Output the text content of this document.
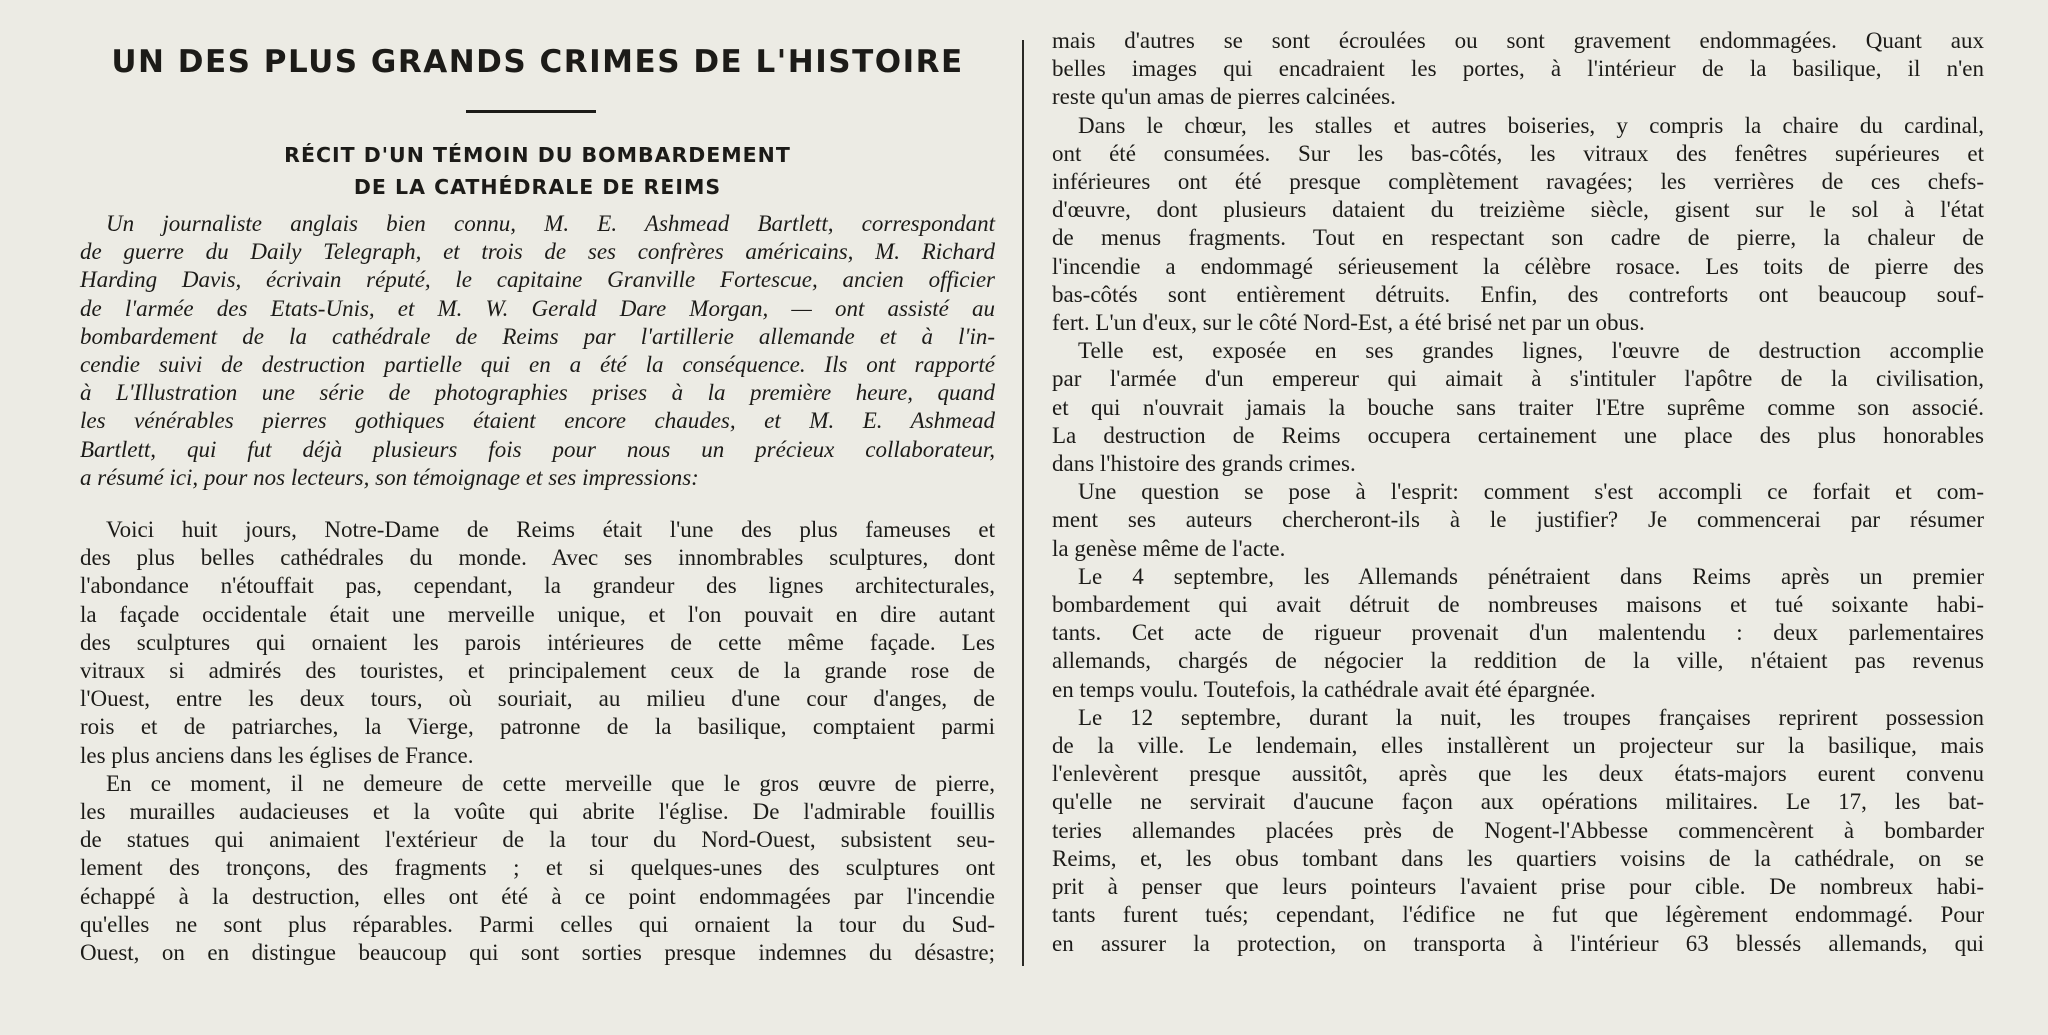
UN DES PLUS GRANDS CRIMES DE L'HISTOIRE
RÉCIT D'UN TÉMOIN DU BOMBARDEMENT
DE LA CATHÉDRALE DE REIMS

Un journaliste anglais bien connu, M. E. Ashmead Bartlett, correspondant
de guerre du Daily Telegraph, et trois de ses confrères américains, M. Richard
Harding Davis, écrivain réputé, le capitaine Granville Fortescue, ancien officier
de l'armée des Etats-Unis, et M. W. Gerald Dare Morgan, — ont assisté au
bombardement de la cathédrale de Reims par l'artillerie allemande et à l'in-
cendie suivi de destruction partielle qui en a été la conséquence. Ils ont rapporté
à L'Illustration une série de photographies prises à la première heure, quand
les vénérables pierres gothiques étaient encore chaudes, et M. E. Ashmead
Bartlett, qui fut déjà plusieurs fois pour nous un précieux collaborateur,
a résumé ici, pour nos lecteurs, son témoignage et ses impressions:

Voici huit jours, Notre-Dame de Reims était l'une des plus fameuses et
des plus belles cathédrales du monde. Avec ses innombrables sculptures, dont
l'abondance n'étouffait pas, cependant, la grandeur des lignes architecturales,
la façade occidentale était une merveille unique, et l'on pouvait en dire autant
des sculptures qui ornaient les parois intérieures de cette même façade. Les
vitraux si admirés des touristes, et principalement ceux de la grande rose de
l'Ouest, entre les deux tours, où souriait, au milieu d'une cour d'anges, de
rois et de patriarches, la Vierge, patronne de la basilique, comptaient parmi
les plus anciens dans les églises de France.
En ce moment, il ne demeure de cette merveille que le gros œuvre de pierre,
les murailles audacieuses et la voûte qui abrite l'église. De l'admirable fouillis
de statues qui animaient l'extérieur de la tour du Nord-Ouest, subsistent seu-
lement des tronçons, des fragments ; et si quelques-unes des sculptures ont
échappé à la destruction, elles ont été à ce point endommagées par l'incendie
qu'elles ne sont plus réparables. Parmi celles qui ornaient la tour du Sud-
Ouest, on en distingue beaucoup qui sont sorties presque indemnes du désastre;

mais d'autres se sont écroulées ou sont gravement endommagées. Quant aux
belles images qui encadraient les portes, à l'intérieur de la basilique, il n'en
reste qu'un amas de pierres calcinées.
Dans le chœur, les stalles et autres boiseries, y compris la chaire du cardinal,
ont été consumées. Sur les bas-côtés, les vitraux des fenêtres supérieures et
inférieures ont été presque complètement ravagées; les verrières de ces chefs-
d'œuvre, dont plusieurs dataient du treizième siècle, gisent sur le sol à l'état
de menus fragments. Tout en respectant son cadre de pierre, la chaleur de
l'incendie a endommagé sérieusement la célèbre rosace. Les toits de pierre des
bas-côtés sont entièrement détruits. Enfin, des contreforts ont beaucoup souf-
fert. L'un d'eux, sur le côté Nord-Est, a été brisé net par un obus.
Telle est, exposée en ses grandes lignes, l'œuvre de destruction accomplie
par l'armée d'un empereur qui aimait à s'intituler l'apôtre de la civilisation,
et qui n'ouvrait jamais la bouche sans traiter l'Etre suprême comme son associé.
La destruction de Reims occupera certainement une place des plus honorables
dans l'histoire des grands crimes.
Une question se pose à l'esprit: comment s'est accompli ce forfait et com-
ment ses auteurs chercheront-ils à le justifier? Je commencerai par résumer
la genèse même de l'acte.
Le 4 septembre, les Allemands pénétraient dans Reims après un premier
bombardement qui avait détruit de nombreuses maisons et tué soixante habi-
tants. Cet acte de rigueur provenait d'un malentendu : deux parlementaires
allemands, chargés de négocier la reddition de la ville, n'étaient pas revenus
en temps voulu. Toutefois, la cathédrale avait été épargnée.
Le 12 septembre, durant la nuit, les troupes françaises reprirent possession
de la ville. Le lendemain, elles installèrent un projecteur sur la basilique, mais
l'enlevèrent presque aussitôt, après que les deux états-majors eurent convenu
qu'elle ne servirait d'aucune façon aux opérations militaires. Le 17, les bat-
teries allemandes placées près de Nogent-l'Abbesse commencèrent à bombarder
Reims, et, les obus tombant dans les quartiers voisins de la cathédrale, on se
prit à penser que leurs pointeurs l'avaient prise pour cible. De nombreux habi-
tants furent tués; cependant, l'édifice ne fut que légèrement endommagé. Pour
en assurer la protection, on transporta à l'intérieur 63 blessés allemands, qui
